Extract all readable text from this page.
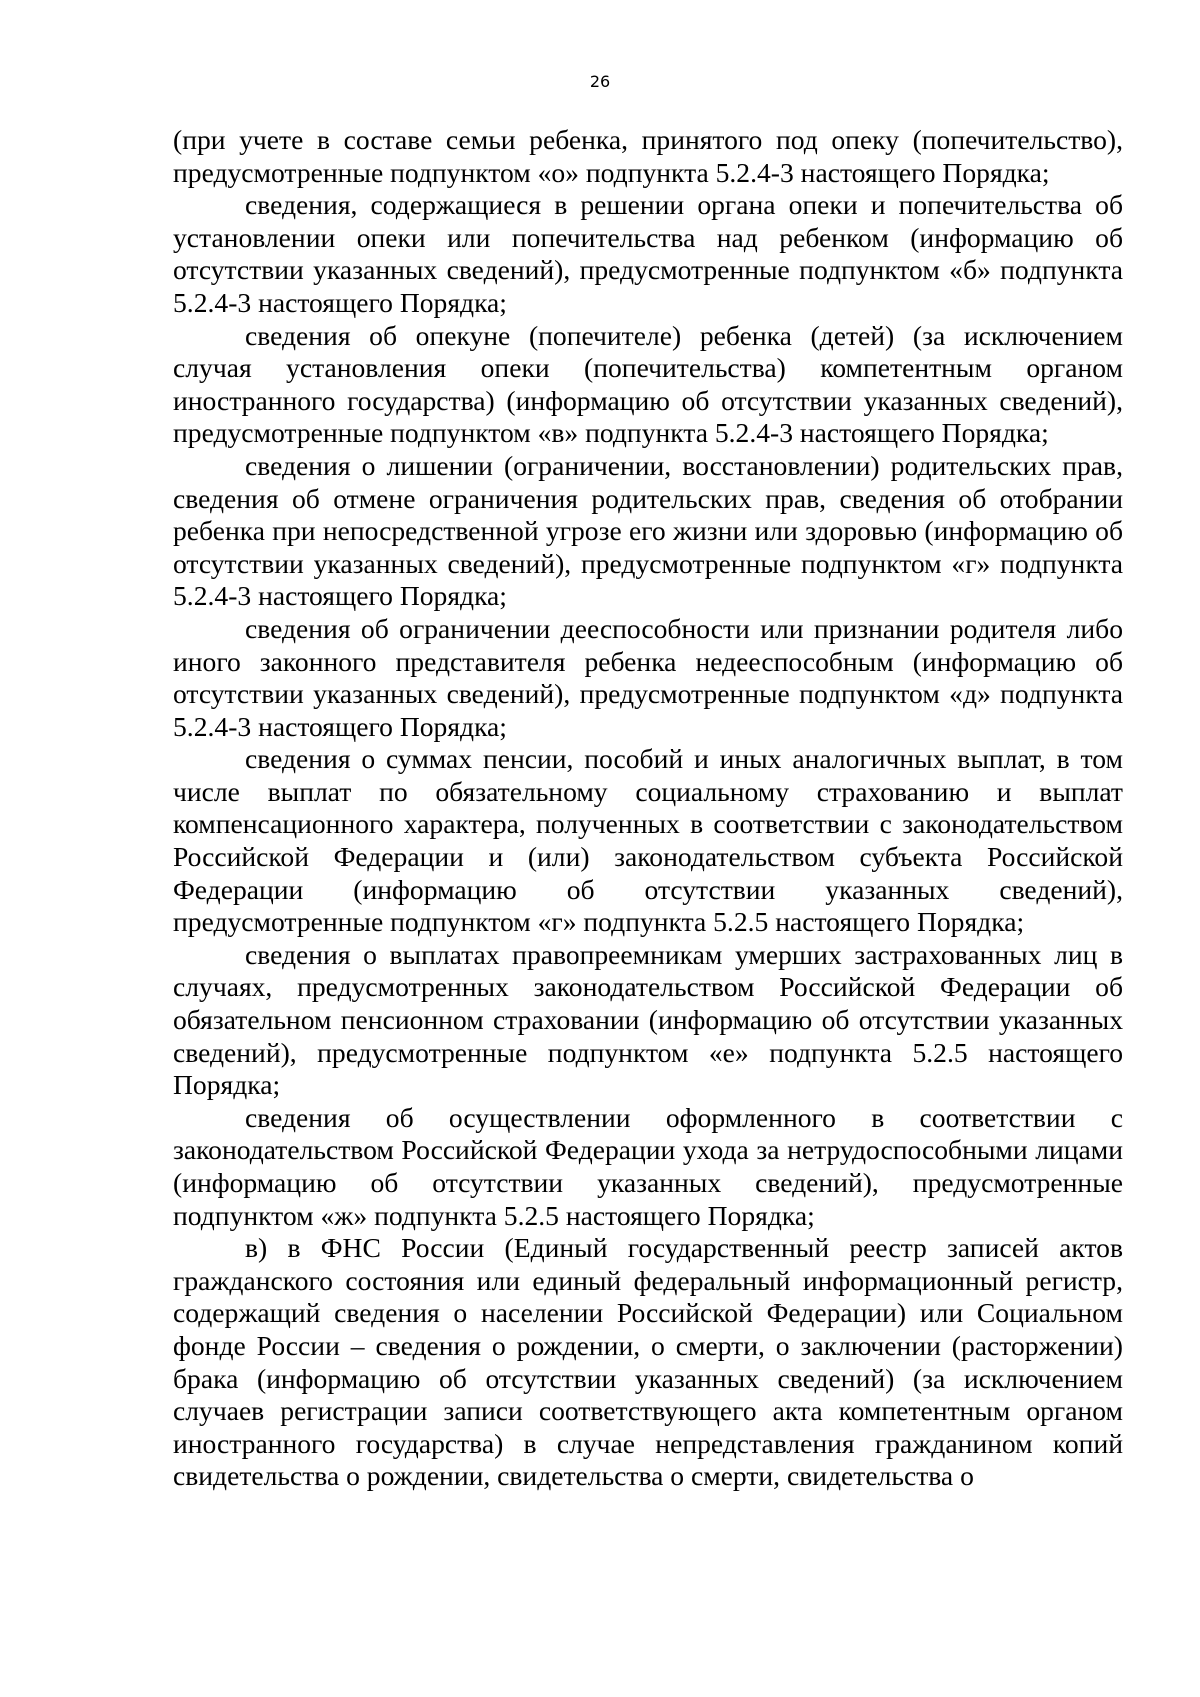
26

(при учете в составе семьи ребенка, принятого под опеку (попечительство), предусмотренные подпунктом «о» подпункта 5.2.4-3 настоящего Порядка;

сведения, содержащиеся в решении органа опеки и попечительства об установлении опеки или попечительства над ребенком (информацию об отсутствии указанных сведений), предусмотренные подпунктом «б» подпункта 5.2.4-3 настоящего Порядка;

сведения об опекуне (попечителе) ребенка (детей) (за исключением случая установления опеки (попечительства) компетентным органом иностранного государства) (информацию об отсутствии указанных сведений), предусмотренные подпунктом «в» подпункта 5.2.4-3 настоящего Порядка;

сведения о лишении (ограничении, восстановлении) родительских прав, сведения об отмене ограничения родительских прав, сведения об отобрании ребенка при непосредственной угрозе его жизни или здоровью (информацию об отсутствии указанных сведений), предусмотренные подпунктом «г» подпункта 5.2.4-3 настоящего Порядка;

сведения об ограничении дееспособности или признании родителя либо иного законного представителя ребенка недееспособным (информацию об отсутствии указанных сведений), предусмотренные подпунктом «д» подпункта 5.2.4-3 настоящего Порядка;

сведения о суммах пенсии, пособий и иных аналогичных выплат, в том числе выплат по обязательному социальному страхованию и выплат компенсационного характера, полученных в соответствии с законодательством Российской Федерации и (или) законодательством субъекта Российской Федерации (информацию об отсутствии указанных сведений), предусмотренные подпунктом «г» подпункта 5.2.5 настоящего Порядка;

сведения о выплатах правопреемникам умерших застрахованных лиц в случаях, предусмотренных законодательством Российской Федерации об обязательном пенсионном страховании (информацию об отсутствии указанных сведений), предусмотренные подпунктом «е» подпункта 5.2.5 настоящего Порядка;

сведения об осуществлении оформленного в соответствии с законодательством Российской Федерации ухода за нетрудоспособными лицами (информацию об отсутствии указанных сведений), предусмотренные подпунктом «ж» подпункта 5.2.5 настоящего Порядка;

в) в ФНС России (Единый государственный реестр записей актов гражданского состояния или единый федеральный информационный регистр, содержащий сведения о населении Российской Федерации) или Социальном фонде России – сведения о рождении, о смерти, о заключении (расторжении) брака (информацию об отсутствии указанных сведений) (за исключением случаев регистрации записи соответствующего акта компетентным органом иностранного государства) в случае непредставления гражданином копий свидетельства о рождении, свидетельства о смерти, свидетельства о
